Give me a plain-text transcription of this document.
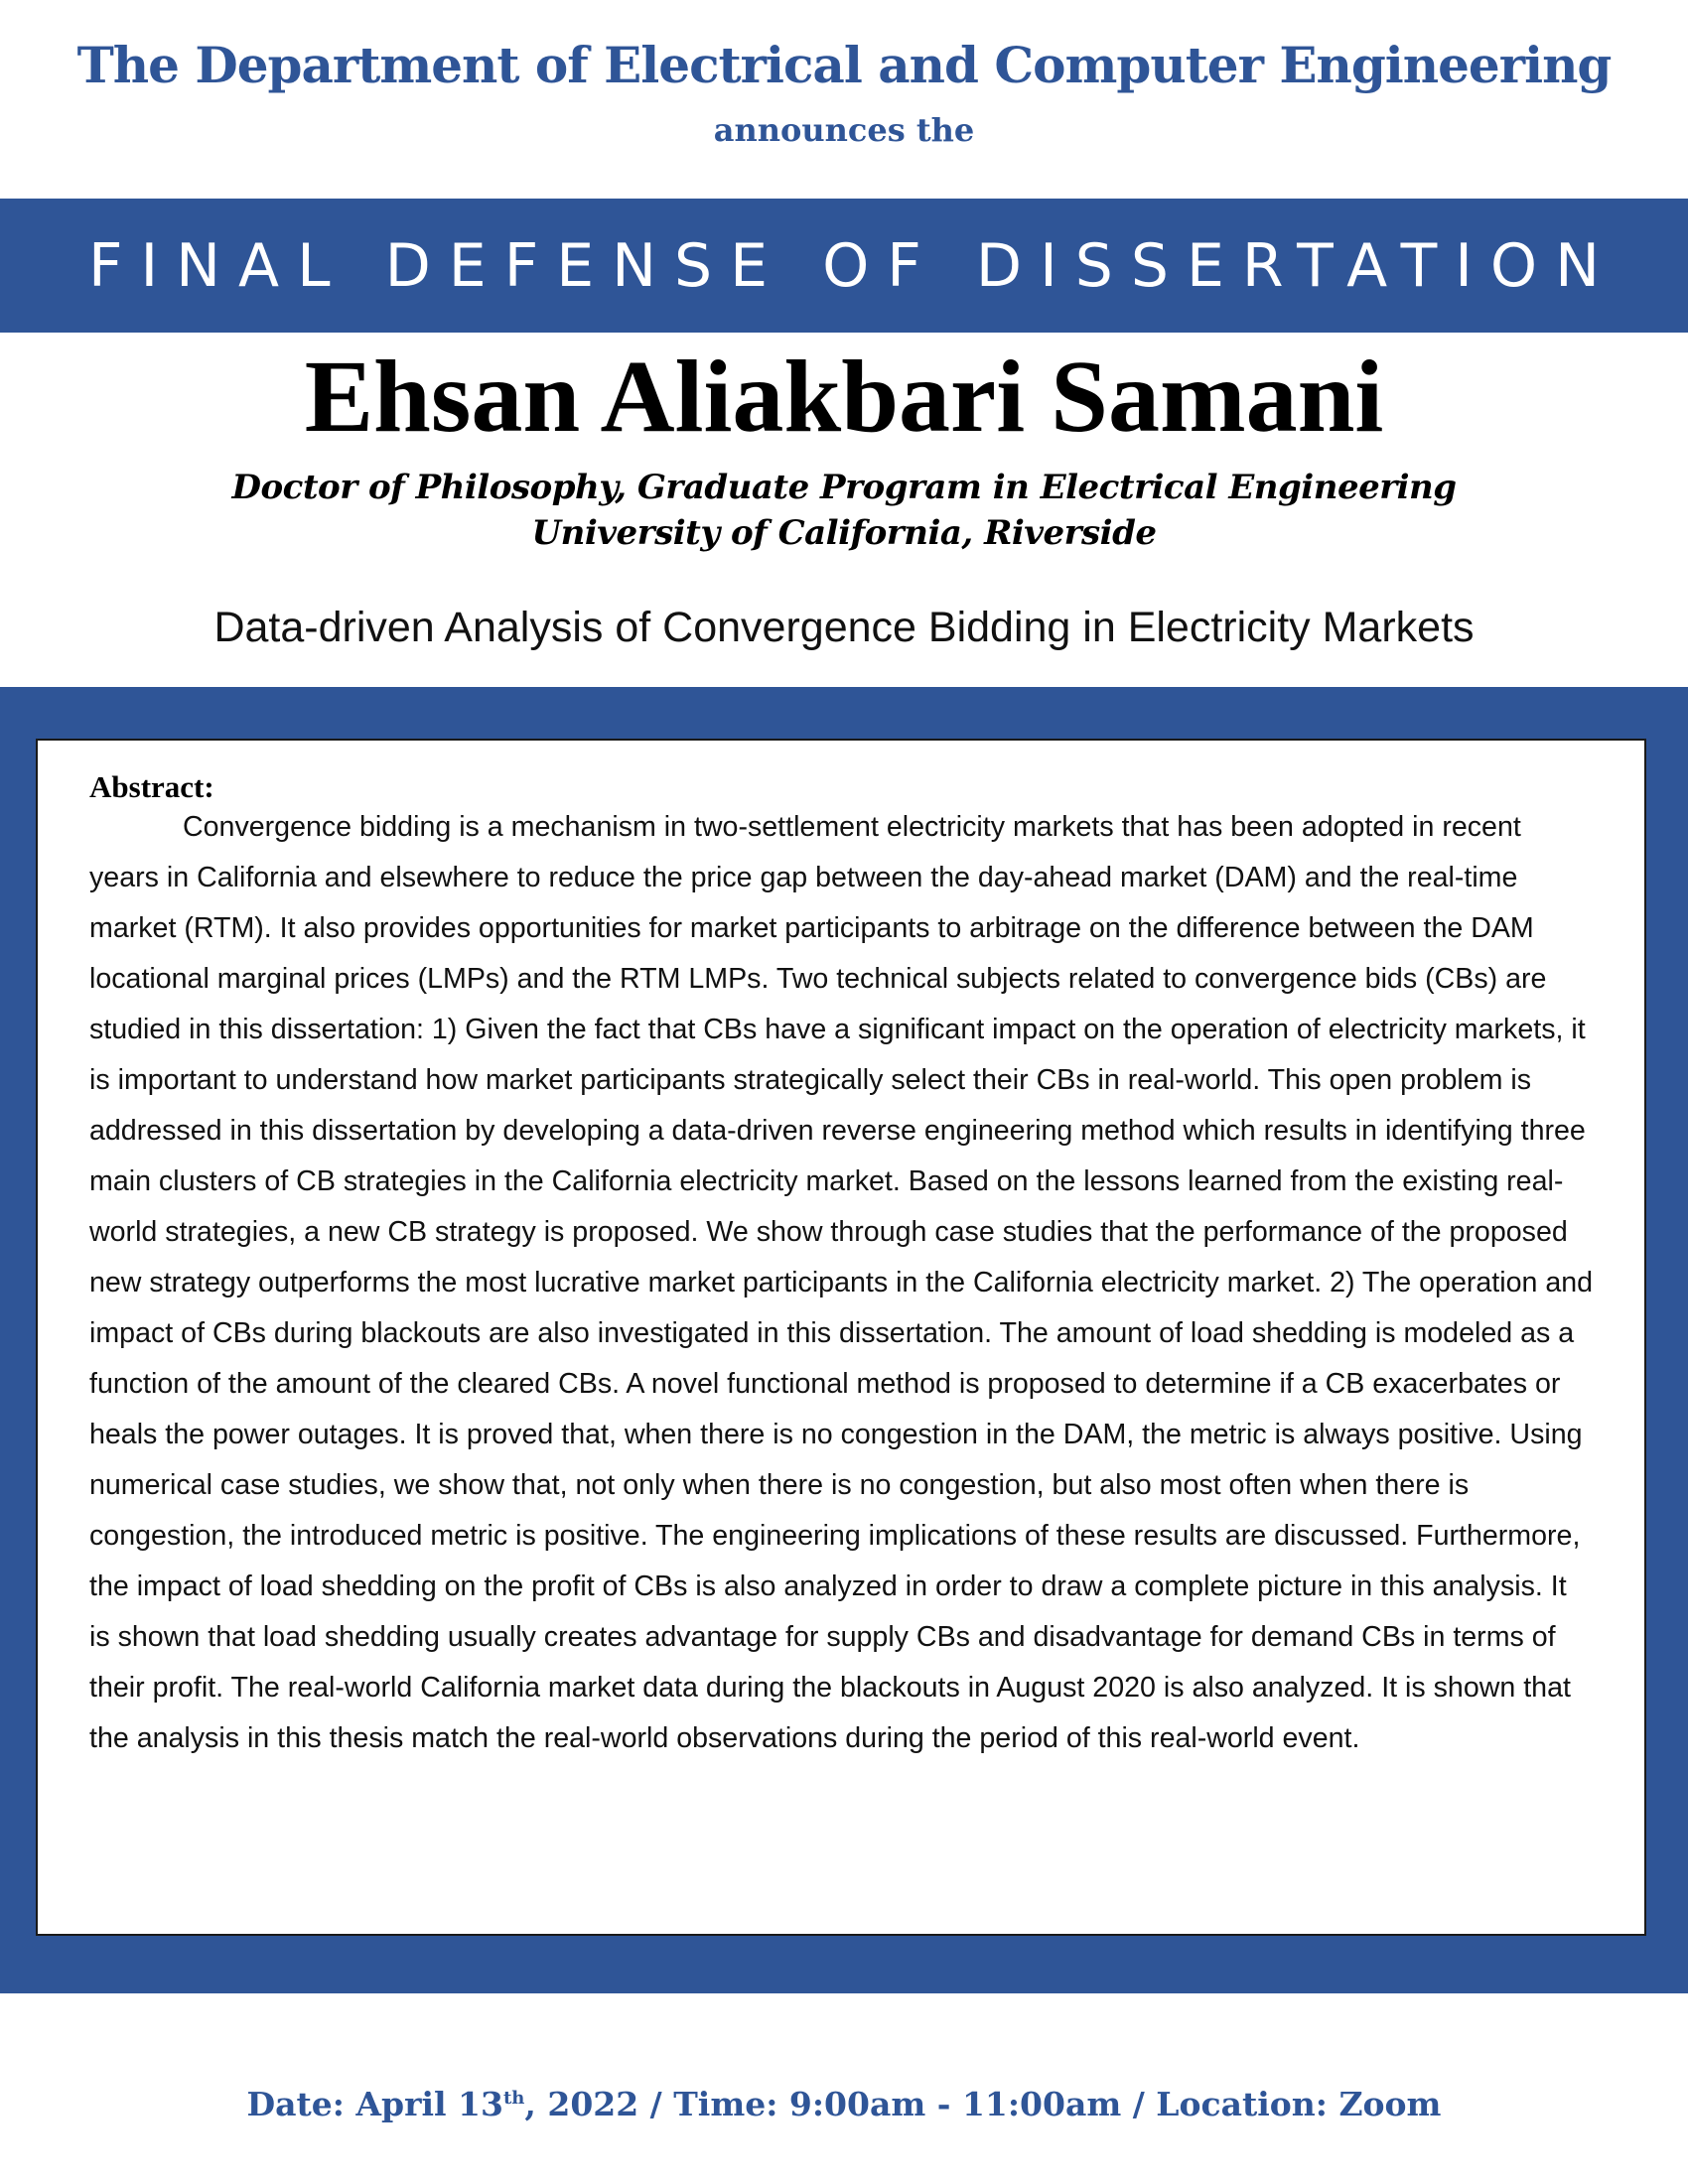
The Department of Electrical and Computer Engineering
announces the
FINAL DEFENSE OF DISSERTATION
Ehsan Aliakbari Samani
Doctor of Philosophy, Graduate Program in Electrical Engineering
University of California, Riverside
Data-driven Analysis of Convergence Bidding in Electricity Markets

Abstract:

Convergence bidding is a mechanism in two-settlement electricity markets that has been adopted in recent years in California and elsewhere to reduce the price gap between the day-ahead market (DAM) and the real-time market (RTM). It also provides opportunities for market participants to arbitrage on the difference between the DAM locational marginal prices (LMPs) and the RTM LMPs. Two technical subjects related to convergence bids (CBs) are studied in this dissertation: 1) Given the fact that CBs have a significant impact on the operation of electricity markets, it is important to understand how market participants strategically select their CBs in real-world. This open problem is addressed in this dissertation by developing a data-driven reverse engineering method which results in identifying three main clusters of CB strategies in the California electricity market. Based on the lessons learned from the existing real-world strategies, a new CB strategy is proposed. We show through case studies that the performance of the proposed new strategy outperforms the most lucrative market participants in the California electricity market. 2) The operation and impact of CBs during blackouts are also investigated in this dissertation. The amount of load shedding is modeled as a function of the amount of the cleared CBs. A novel functional method is proposed to determine if a CB exacerbates or heals the power outages. It is proved that, when there is no congestion in the DAM, the metric is always positive. Using numerical case studies, we show that, not only when there is no congestion, but also most often when there is congestion, the introduced metric is positive. The engineering implications of these results are discussed. Furthermore, the impact of load shedding on the profit of CBs is also analyzed in order to draw a complete picture in this analysis. It is shown that load shedding usually creates advantage for supply CBs and disadvantage for demand CBs in terms of their profit. The real-world California market data during the blackouts in August 2020 is also analyzed. It is shown that the analysis in this thesis match the real-world observations during the period of this real-world event.

Date: April 13th, 2022 / Time: 9:00am - 11:00am / Location: Zoom
